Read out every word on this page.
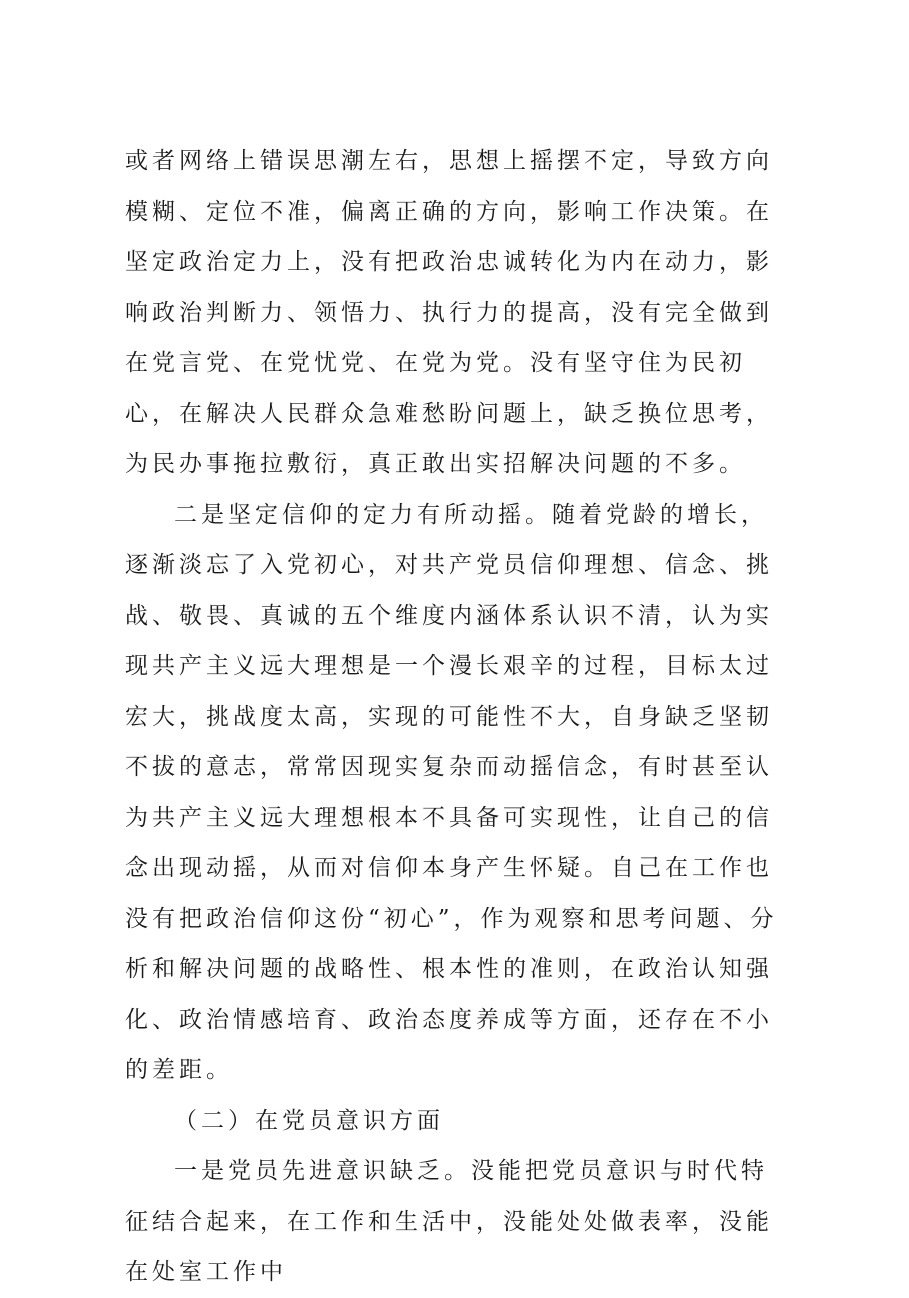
或者网络上错误思潮左右，思想上摇摆不定，导致方向模糊、定位不准，偏离正确的方向，影响工作决策。在坚定政治定力上，没有把政治忠诚转化为内在动力，影响政治判断力、领悟力、执行力的提高，没有完全做到在党言党、在党忧党、在党为党。没有坚守住为民初心，在解决人民群众急难愁盼问题上，缺乏换位思考，为民办事拖拉敷衍，真正敢出实招解决问题的不多。

二是坚定信仰的定力有所动摇。随着党龄的增长，逐渐淡忘了入党初心，对共产党员信仰理想、信念、挑战、敬畏、真诚的五个维度内涵体系认识不清，认为实现共产主义远大理想是一个漫长艰辛的过程，目标太过宏大，挑战度太高，实现的可能性不大，自身缺乏坚韧不拔的意志，常常因现实复杂而动摇信念，有时甚至认为共产主义远大理想根本不具备可实现性，让自己的信念出现动摇，从而对信仰本身产生怀疑。自己在工作也没有把政治信仰这份“初心”，作为观察和思考问题、分析和解决问题的战略性、根本性的准则，在政治认知强化、政治情感培育、政治态度养成等方面，还存在不小的差距。

（二）在党员意识方面

一是党员先进意识缺乏。没能把党员意识与时代特征结合起来，在工作和生活中，没能处处做表率，没能在处室工作中
